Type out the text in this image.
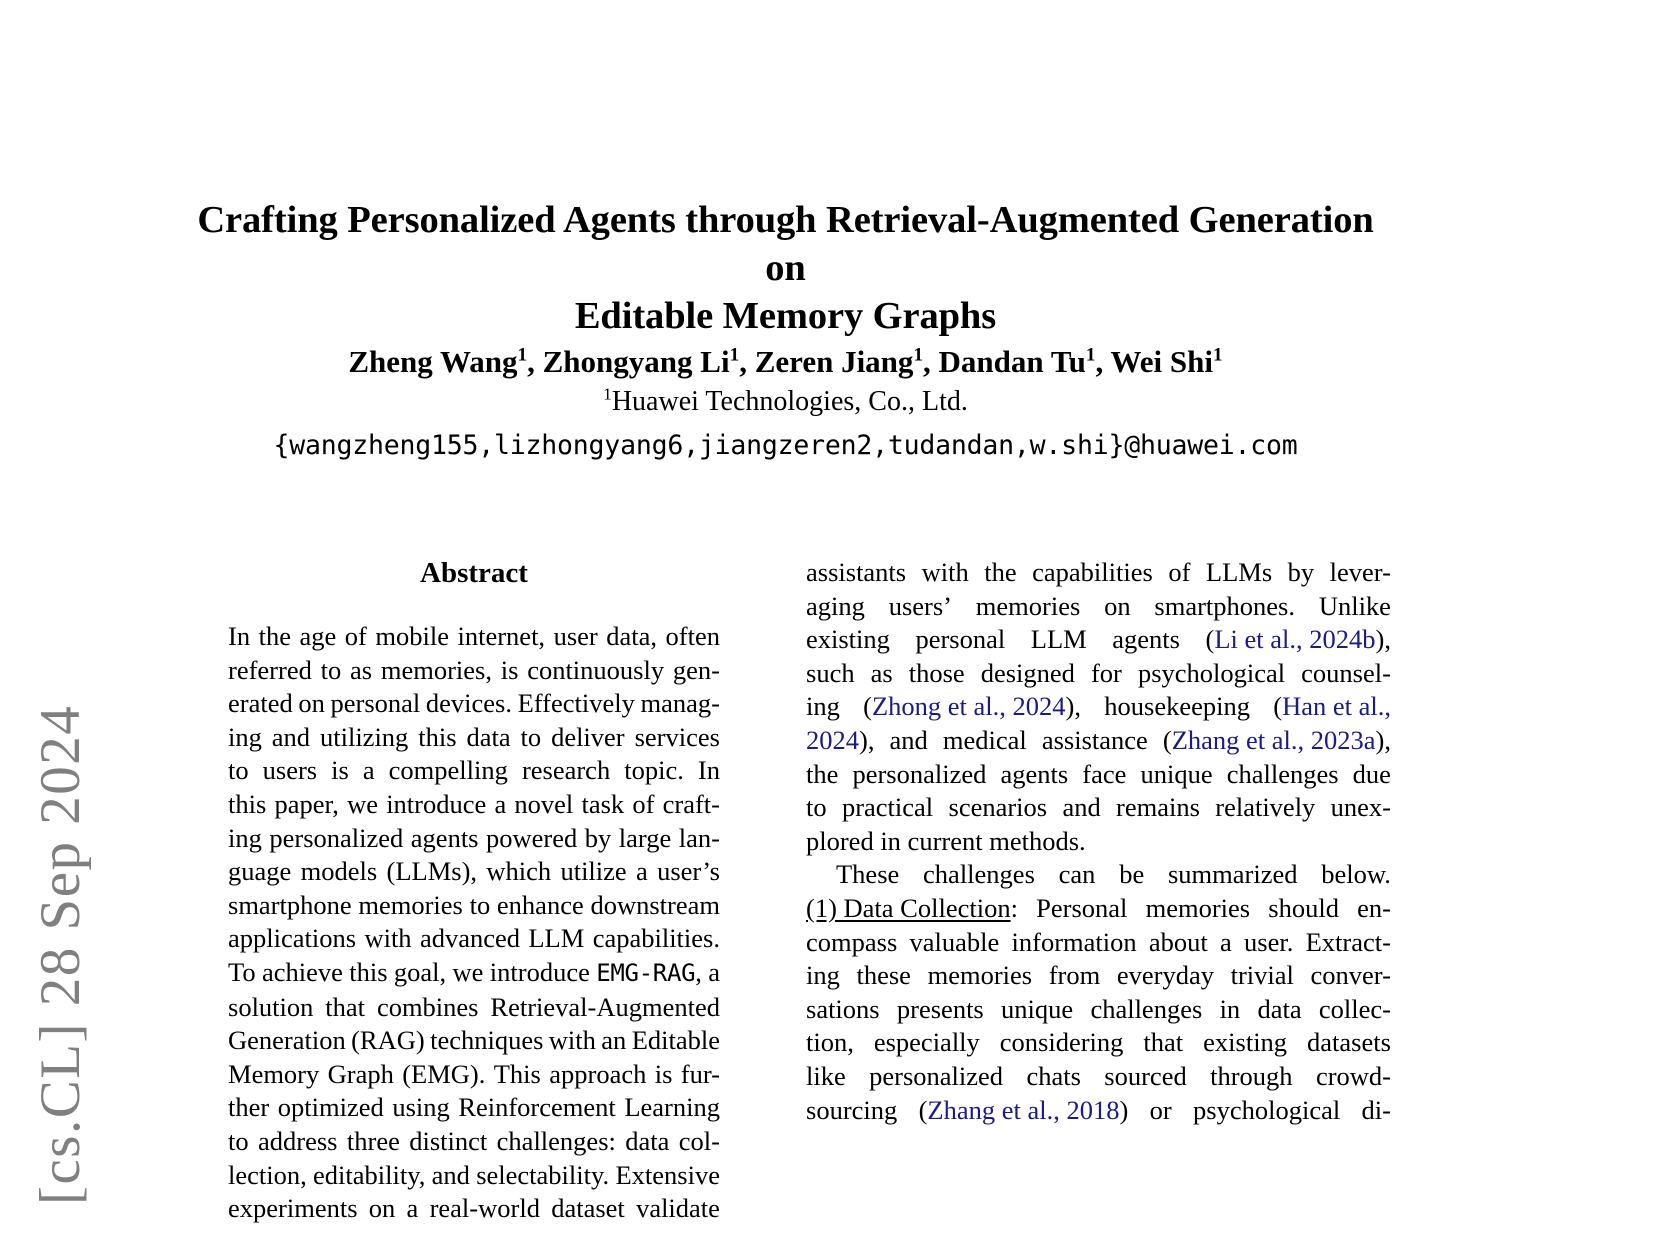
[cs.CL] 28 Sep 2024
Crafting Personalized Agents through Retrieval-Augmented Generation on
Editable Memory Graphs
Zheng Wang$^1$, Zhongyang Li$^1$, Zeren Jiang$^1$, Dandan Tu$^1$, Wei Shi$^1$
$^1$Huawei Technologies, Co., Ltd.
{wangzheng155,lizhongyang6,jiangzeren2,tudandan,w.shi}@huawei.com
Abstract
In the age of mobile internet, user data, often
referred to as memories, is continuously gen-
erated on personal devices. Effectively manag-
ing and utilizing this data to deliver services
to users is a compelling research topic. In
this paper, we introduce a novel task of craft-
ing personalized agents powered by large lan-
guage models (LLMs), which utilize a user’s
smartphone memories to enhance downstream
applications with advanced LLM capabilities.
To achieve this goal, we introduce EMG-RAG, a
solution that combines Retrieval-Augmented
Generation (RAG) techniques with an Editable
Memory Graph (EMG). This approach is fur-
ther optimized using Reinforcement Learning
to address three distinct challenges: data col-
lection, editability, and selectability. Extensive
experiments on a real-world dataset validate
assistants with the capabilities of LLMs by lever-
aging users’ memories on smartphones. Unlike
existing personal LLM agents (Li et al., 2024b),
such as those designed for psychological counsel-
ing (Zhong et al., 2024), housekeeping (Han et al.,
2024), and medical assistance (Zhang et al., 2023a),
the personalized agents face unique challenges due
to practical scenarios and remains relatively unex-
plored in current methods.
These challenges can be summarized below.
(1) Data Collection: Personal memories should en-
compass valuable information about a user. Extract-
ing these memories from everyday trivial conver-
sations presents unique challenges in data collec-
tion, especially considering that existing datasets
like personalized chats sourced through crowd-
sourcing (Zhang et al., 2018) or psychological di-
